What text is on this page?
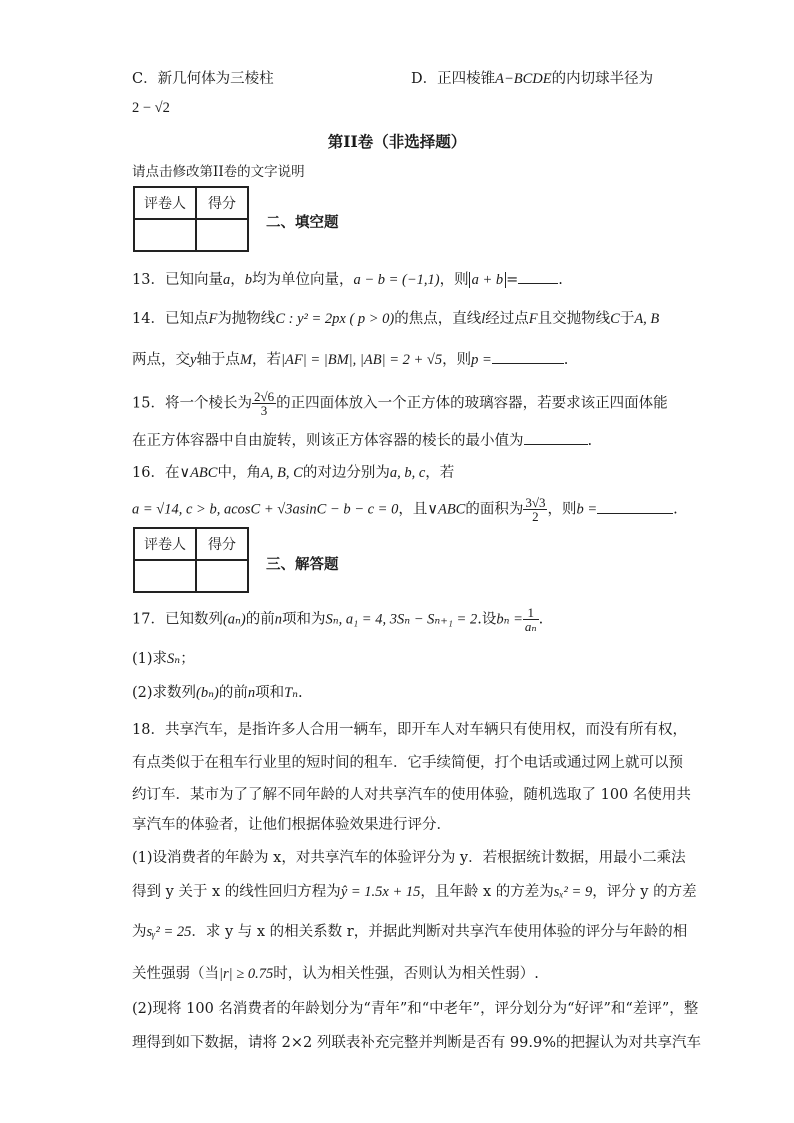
C．新几何体为三棱柱	D．正四棱锥A−BCDE的内切球半径为
2 − √2
第II卷（非选择题）
请点击修改第II卷的文字说明
评卷人	得分

二、填空题
13．已知向量a，b均为单位向量，a − b = (−1,1)，则 a + b =	.
14．已知点F为抛物线C : y² = 2px ( p > 0)的焦点，直线l经过点F且交抛物线C于A, B
两点，交y轴于点M，若|AF| = |BM|, |AB| = 2 + √5，则p =	.
15．将一个棱长为 $\frac{2√6}{3}$ 的正四面体放入一个正方体的玻璃容器，若要求该正四面体能
在正方体容器中自由旋转，则该正方体容器的棱长的最小值为	.
16．在∨ABC中，角A, B, C的对边分别为a, b, c，若
a = √14, c > b, acosC + √3asinC − b − c = 0，且∨ABC的面积为 $\frac{3√3}{2}$ ，则b =	.
评卷人	得分

三、解答题
17．已知数列(aₙ)的前n项和为Sₙ, a₁ = 4, 3Sₙ − Sₙ₊₁ = 2.设$b_n = \frac{1}{\text{aₙ}}$ .
(1)求Sₙ；
(2)求数列(bₙ)的前n项和Tₙ.
18．共享汽车，是指许多人合用一辆车，即开车人对车辆只有使用权，而没有所有权，
有点类似于在租车行业里的短时间的租车．它手续简便，打个电话或通过网上就可以预
约订车．某市为了了解不同年龄的人对共享汽车的使用体验，随机选取了 100 名使用共
享汽车的体验者，让他们根据体验效果进行评分．
(1)设消费者的年龄为 x，对共享汽车的体验评分为 y．若根据统计数据，用最小二乘法
得到 y 关于 x 的线性回归方程为ŷ = 1.5x + 15，且年龄 x 的方差为sₓ² = 9，评分 y 的方差
为sᵧ² = 25．求 y 与 x 的相关系数 r，并据此判断对共享汽车使用体验的评分与年龄的相
关性强弱（当|r| ≥ 0.75时，认为相关性强，否则认为相关性弱）.
(2)现将 100 名消费者的年龄划分为“青年”和“中老年”，评分划分为“好评”和“差评”，整
理得到如下数据，请将 2×2 列联表补充完整并判断是否有 99.9%的把握认为对共享汽车
